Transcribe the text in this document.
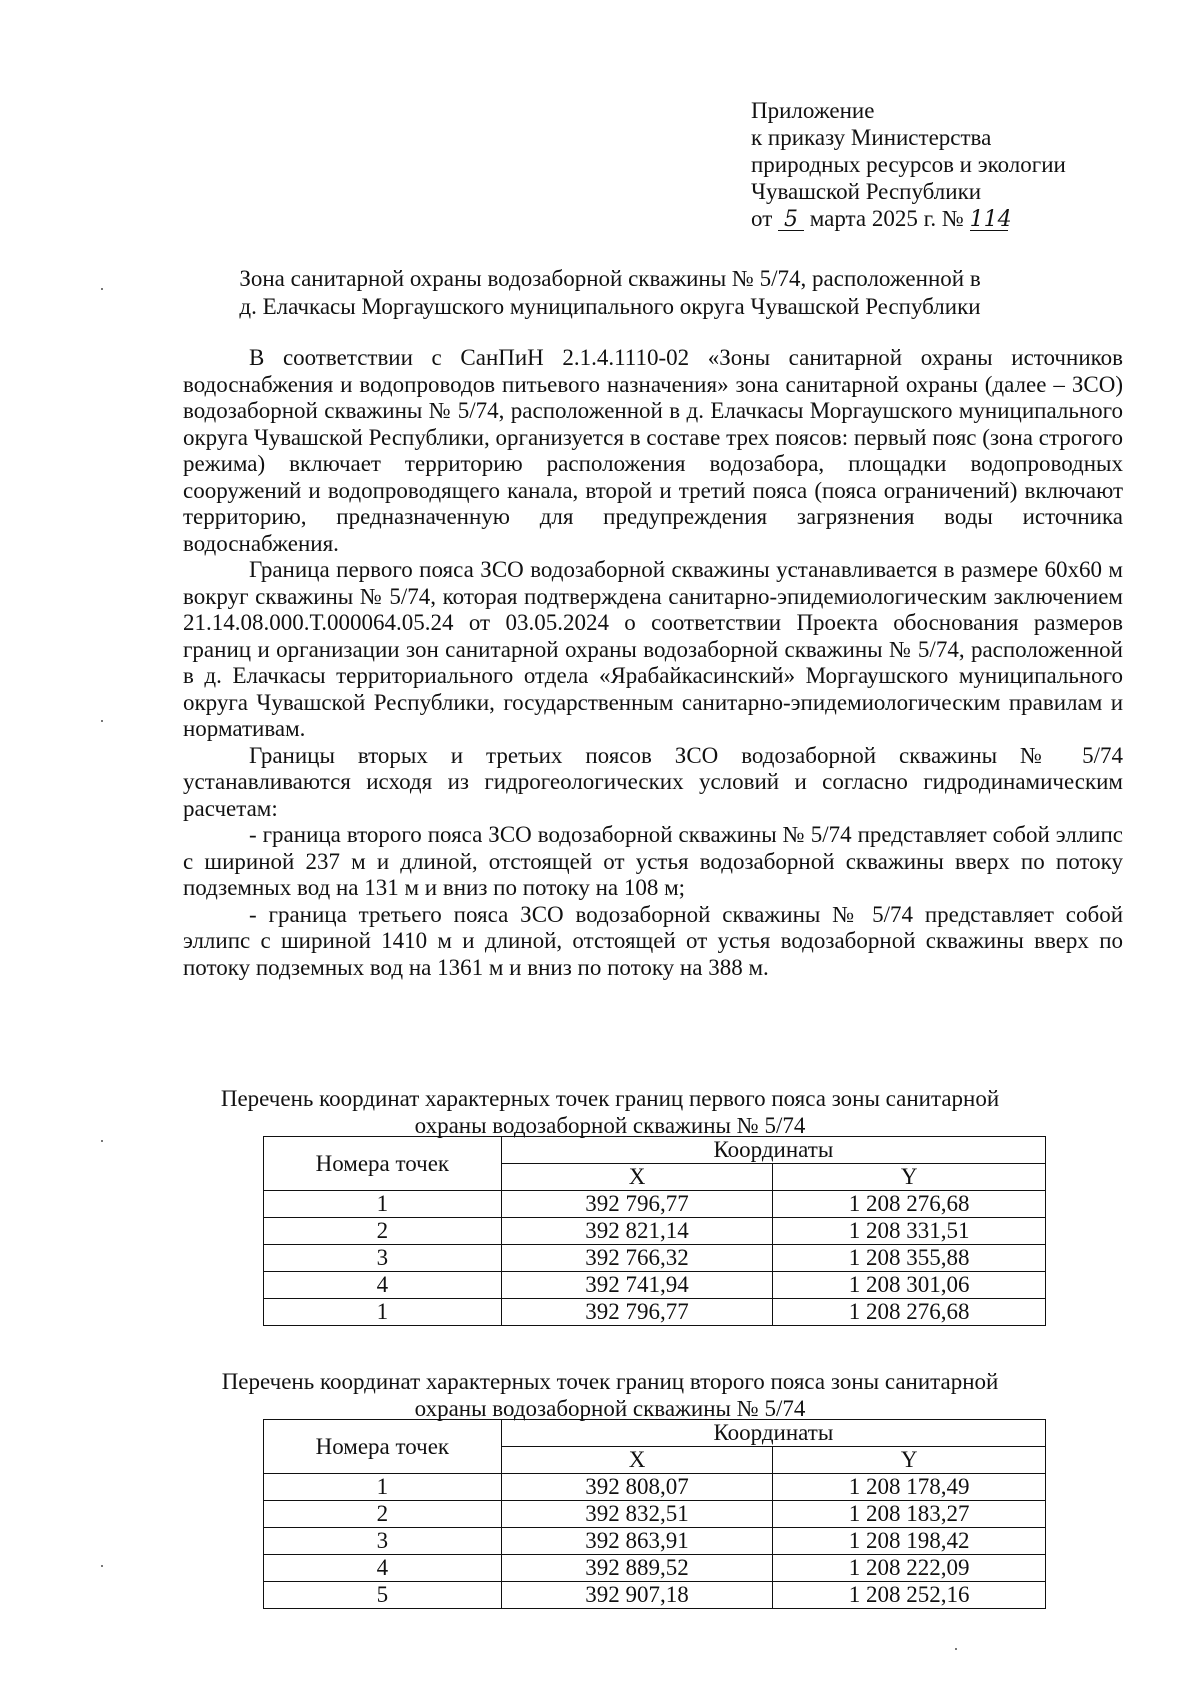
Приложение
к приказу Министерства
природных ресурсов и экологии
Чувашской Республики
от 5 марта 2025 г. № 114
Зона санитарной охраны водозаборной скважины № 5/74, расположенной в
д. Елачкасы Моргаушского муниципального округа Чувашской Республики

В соответствии с СанПиН 2.1.4.1110-02 «Зоны санитарной охраны источников водоснабжения и водопроводов питьевого назначения» зона санитарной охраны (далее – ЗСО) водозаборной скважины № 5/74, расположенной в д. Елачкасы Моргаушского муниципального округа Чувашской Республики, организуется в составе трех поясов: первый пояс (зона строгого режима) включает территорию расположения водозабора, площадки водопроводных сооружений и водопроводящего канала, второй и третий пояса (пояса ограничений) включают территорию, предназначенную для предупреждения загрязнения воды источника водоснабжения.

Граница первого пояса ЗСО водозаборной скважины устанавливается в размере 60х60 м вокруг скважины № 5/74, которая подтверждена санитарно-эпидемиологическим заключением 21.14.08.000.Т.000064.05.24 от 03.05.2024 о соответствии Проекта обоснования размеров границ и организации зон санитарной охраны водозаборной скважины № 5/74, расположенной в д. Елачкасы территориального отдела «Ярабайкасинский» Моргаушского муниципального округа Чувашской Республики, государственным санитарно-эпидемиологическим правилам и нормативам.

Границы вторых и третьих поясов ЗСО водозаборной скважины № 5/74 устанавливаются исходя из гидрогеологических условий и согласно гидродинамическим расчетам:

- граница второго пояса ЗСО водозаборной скважины № 5/74 представляет собой эллипс с шириной 237 м и длиной, отстоящей от устья водозаборной скважины вверх по потоку подземных вод на 131 м и вниз по потоку на 108 м;

- граница третьего пояса ЗСО водозаборной скважины № 5/74 представляет собой эллипс с шириной 1410 м и длиной, отстоящей от устья водозаборной скважины вверх по потоку подземных вод на 1361 м и вниз по потоку на 388 м.

Перечень координат характерных точек границ первого пояса зоны санитарной
охраны водозаборной скважины № 5/74
Номера точек	Координаты	
	X	Y
1	392 796,77	1 208 276,68
2	392 821,14	1 208 331,51
3	392 766,32	1 208 355,88
4	392 741,94	1 208 301,06
1	392 796,77	1 208 276,68
Перечень координат характерных точек границ второго пояса зоны санитарной
охраны водозаборной скважины № 5/74
Номера точек	Координаты	
	X	Y
1	392 808,07	1 208 178,49
2	392 832,51	1 208 183,27
3	392 863,91	1 208 198,42
4	392 889,52	1 208 222,09
5	392 907,18	1 208 252,16
